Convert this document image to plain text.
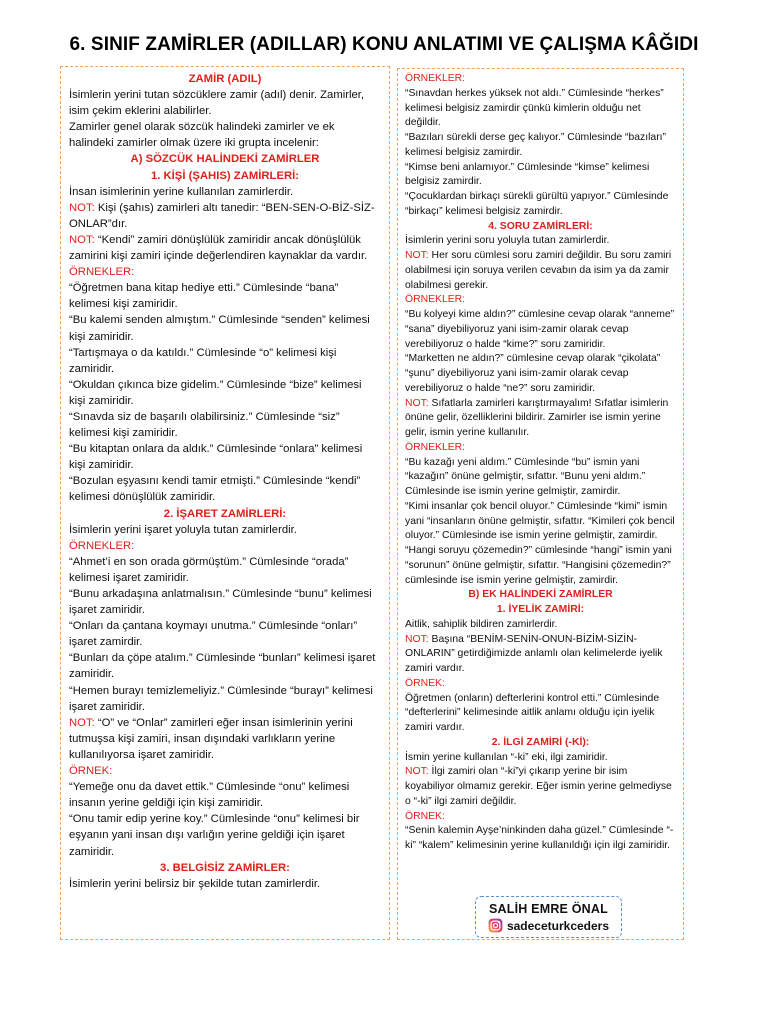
6. SINIF ZAMİRLER (ADILLAR) KONU ANLATIMI VE ÇALIŞMA KÂĞIDI

ZAMİR (ADIL)

İsimlerin yerini tutan sözcüklere zamir (adıl) denir. Zamirler, isim çekim eklerini alabilirler.

Zamirler genel olarak sözcük halindeki zamirler ve ek halindeki zamirler olmak üzere iki grupta incelenir:

A) SÖZCÜK HALİNDEKİ ZAMİRLER

1. KİŞİ (ŞAHIS) ZAMİRLERİ:

İnsan isimlerinin yerine kullanılan zamirlerdir.

NOT: Kişi (şahıs) zamirleri altı tanedir: “BEN-SEN-O-BİZ-SİZ-ONLAR”dır.

NOT: “Kendi” zamiri dönüşlülük zamiridir ancak dönüşlülük zamirini kişi zamiri içinde değerlendiren kaynaklar da vardır.

ÖRNEKLER:

“Öğretmen bana kitap hediye etti.” Cümlesinde “bana” kelimesi kişi zamiridir.

“Bu kalemi senden almıştım.” Cümlesinde “senden” kelimesi kişi zamiridir.

“Tartışmaya o da katıldı.” Cümlesinde “o” kelimesi kişi zamiridir.

“Okuldan çıkınca bize gidelim.” Cümlesinde “bize” kelimesi kişi zamiridir.

“Sınavda siz de başarılı olabilirsiniz.” Cümlesinde “siz” kelimesi kişi zamiridir.

“Bu kitaptan onlara da aldık.” Cümlesinde “onlara” kelimesi kişi zamiridir.

“Bozulan eşyasını kendi tamir etmişti.” Cümlesinde “kendi” kelimesi dönüşlülük zamiridir.

2. İŞARET ZAMİRLERİ:

İsimlerin yerini işaret yoluyla tutan zamirlerdir.

ÖRNEKLER:

“Ahmet’i en son orada görmüştüm.” Cümlesinde “orada” kelimesi işaret zamiridir.

“Bunu arkadaşına anlatmalısın.” Cümlesinde “bunu” kelimesi işaret zamiridir.

“Onları da çantana koymayı unutma.” Cümlesinde “onları” işaret zamirdir.

“Bunları da çöpe atalım.” Cümlesinde “bunları” kelimesi işaret zamiridir.

“Hemen burayı temizlemeliyiz.” Cümlesinde “burayı” kelimesi işaret zamiridir.

NOT: “O” ve “Onlar” zamirleri eğer insan isimlerinin yerini tutmuşsa kişi zamiri, insan dışındaki varlıkların yerine kullanılıyorsa işaret zamiridir.

ÖRNEK:

“Yemeğe onu da davet ettik.” Cümlesinde “onu” kelimesi insanın yerine geldiği için kişi zamiridir.

“Onu tamir edip yerine koy.” Cümlesinde “onu” kelimesi bir eşyanın yani insan dışı varlığın yerine geldiği için işaret zamiridir.

3. BELGİSİZ ZAMİRLER:

İsimlerin yerini belirsiz bir şekilde tutan zamirlerdir.

ÖRNEKLER:

“Sınavdan herkes yüksek not aldı.” Cümlesinde “herkes” kelimesi belgisiz zamirdir çünkü kimlerin olduğu net değildir.

“Bazıları sürekli derse geç kalıyor.” Cümlesinde “bazıları” kelimesi belgisiz zamirdir.

“Kimse beni anlamıyor.” Cümlesinde “kimse” kelimesi belgisiz zamirdir.

“Çocuklardan birkaçı sürekli gürültü yapıyor.” Cümlesinde “birkaçı” kelimesi belgisiz zamirdir.

4. SORU ZAMİRLERİ:

İsimlerin yerini soru yoluyla tutan zamirlerdir.

NOT: Her soru cümlesi soru zamiri değildir. Bu soru zamiri olabilmesi için soruya verilen cevabın da isim ya da zamir olabilmesi gerekir.

ÖRNEKLER:

“Bu kolyeyi kime aldın?” cümlesine cevap olarak “anneme” “sana” diyebiliyoruz yani isim-zamir olarak cevap verebiliyoruz o halde “kime?” soru zamiridir.

“Marketten ne aldın?” cümlesine cevap olarak “çikolata” “şunu” diyebiliyoruz yani isim-zamir olarak cevap verebiliyoruz o halde “ne?” soru zamiridir.

NOT: Sıfatlarla zamirleri karıştırmayalım! Sıfatlar isimlerin önüne gelir, özelliklerini bildirir. Zamirler ise ismin yerine gelir, ismin yerine kullanılır.

ÖRNEKLER:

“Bu kazağı yeni aldım.” Cümlesinde “bu” ismin yani “kazağın” önüne gelmiştir, sıfattır. “Bunu yeni aldım.” Cümlesinde ise ismin yerine gelmiştir, zamirdir.

“Kimi insanlar çok bencil oluyor.” Cümlesinde “kimi” ismin yani “insanların önüne gelmiştir, sıfattır. “Kimileri çok bencil oluyor.” Cümlesinde ise ismin yerine gelmiştir, zamirdir.

“Hangi soruyu çözemedin?” cümlesinde “hangi” ismin yani “sorunun” önüne gelmiştir, sıfattır. “Hangisini çözemedin?” cümlesinde ise ismin yerine gelmiştir, zamirdir.

B) EK HALİNDEKİ ZAMİRLER

1. İYELİK ZAMİRİ:

Aitlik, sahiplik bildiren zamirlerdir.

NOT: Başına “BENİM-SENİN-ONUN-BİZİM-SİZİN-ONLARIN” getirdiğimizde anlamlı olan kelimelerde iyelik zamiri vardır.

ÖRNEK:

Öğretmen (onların) defterlerini kontrol etti.” Cümlesinde “defterlerini” kelimesinde aitlik anlamı olduğu için iyelik zamiri vardır.

2. İLGİ ZAMİRİ (-Kİ):

İsmin yerine kullanılan “-ki” eki, ilgi zamiridir.

NOT: İlgi zamiri olan “-ki”yi çıkarıp yerine bir isim koyabiliyor olmamız gerekir. Eğer ismin yerine gelmediyse o “-ki” ilgi zamiri değildir.

ÖRNEK:

“Senin kalemin Ayşe’ninkinden daha güzel.” Cümlesinde “-ki” “kalem” kelimesinin yerine kullanıldığı için ilgi zamiridir.

SALİH EMRE ÖNAL
sadeceturkceders
